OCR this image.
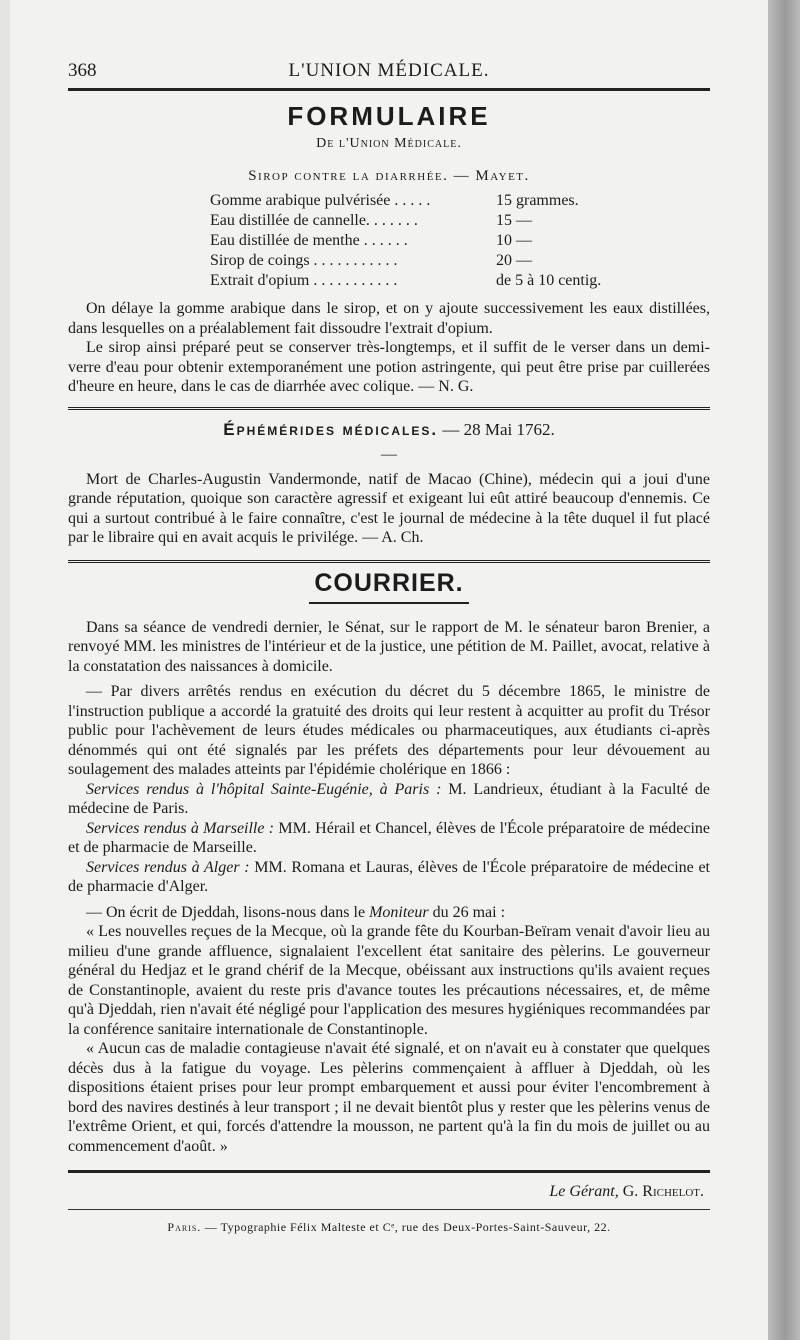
368	L'UNION MÉDICALE.
FORMULAIRE
De l'Union Médicale.
Sirop contre la diarrhée. — Mayet.
Gomme arabique pulvérisée . . . . .	15 grammes.
Eau distillée de cannelle. . . . . . .	15 —
Eau distillée de menthe . . . . . .	10 —
Sirop de coings . . . . . . . . . . .	20 —
Extrait d'opium . . . . . . . . . . .	de 5 à 10 centig.

On délaye la gomme arabique dans le sirop, et on y ajoute successivement les eaux distillées, dans lesquelles on a préalablement fait dissoudre l'extrait d'opium.

Le sirop ainsi préparé peut se conserver très-longtemps, et il suffit de le verser dans un demi-verre d'eau pour obtenir extemporanément une potion astringente, qui peut être prise par cuillerées d'heure en heure, dans le cas de diarrhée avec colique. — N. G.

Éphémérides médicales. — 28 Mai 1762.
—

Mort de Charles-Augustin Vandermonde, natif de Macao (Chine), médecin qui a joui d'une grande réputation, quoique son caractère agressif et exigeant lui eût attiré beaucoup d'ennemis. Ce qui a surtout contribué à le faire connaître, c'est le journal de médecine à la tête duquel il fut placé par le libraire qui en avait acquis le privilége. — A. Ch.

COURRIER.

Dans sa séance de vendredi dernier, le Sénat, sur le rapport de M. le sénateur baron Brenier, a renvoyé MM. les ministres de l'intérieur et de la justice, une pétition de M. Paillet, avocat, relative à la constatation des naissances à domicile.

— Par divers arrêtés rendus en exécution du décret du 5 décembre 1865, le ministre de l'instruction publique a accordé la gratuité des droits qui leur restent à acquitter au profit du Trésor public pour l'achèvement de leurs études médicales ou pharmaceutiques, aux étudiants ci-après dénommés qui ont été signalés par les préfets des départements pour leur dévouement au soulagement des malades atteints par l'épidémie cholérique en 1866 :

Services rendus à l'hôpital Sainte-Eugénie, à Paris : M. Landrieux, étudiant à la Faculté de médecine de Paris.

Services rendus à Marseille : MM. Hérail et Chancel, élèves de l'École préparatoire de médecine et de pharmacie de Marseille.

Services rendus à Alger : MM. Romana et Lauras, élèves de l'École préparatoire de médecine et de pharmacie d'Alger.

— On écrit de Djeddah, lisons-nous dans le Moniteur du 26 mai :

« Les nouvelles reçues de la Mecque, où la grande fête du Kourban-Beïram venait d'avoir lieu au milieu d'une grande affluence, signalaient l'excellent état sanitaire des pèlerins. Le gouverneur général du Hedjaz et le grand chérif de la Mecque, obéissant aux instructions qu'ils avaient reçues de Constantinople, avaient du reste pris d'avance toutes les précautions nécessaires, et, de même qu'à Djeddah, rien n'avait été négligé pour l'application des mesures hygiéniques recommandées par la conférence sanitaire internationale de Constantinople.

« Aucun cas de maladie contagieuse n'avait été signalé, et on n'avait eu à constater que quelques décès dus à la fatigue du voyage. Les pèlerins commençaient à affluer à Djeddah, où les dispositions étaient prises pour leur prompt embarquement et aussi pour éviter l'encombrement à bord des navires destinés à leur transport ; il ne devait bientôt plus y rester que les pèlerins venus de l'extrême Orient, et qui, forcés d'attendre la mousson, ne partent qu'à la fin du mois de juillet ou au commencement d'août. »

Le Gérant, G. Richelot.
Paris. — Typographie Félix Malteste et Cᵉ, rue des Deux-Portes-Saint-Sauveur, 22.
